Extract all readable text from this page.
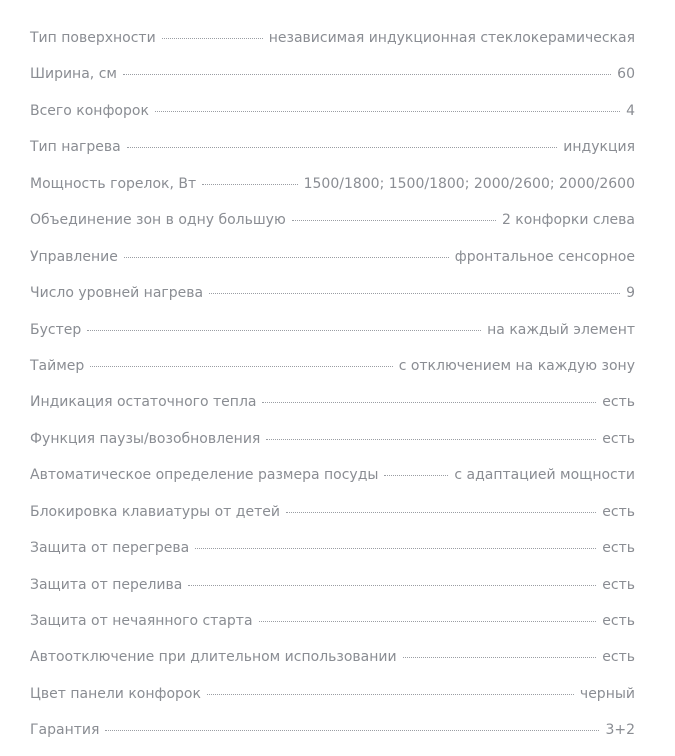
Тип поверхности	независимая индукционная стеклокерамическая
Ширина, см	60
Всего конфорок	4
Тип нагрева	индукция
Мощность горелок, Вт	1500/1800; 1500/1800; 2000/2600; 2000/2600
Объединение зон в одну большую	2 конфорки слева
Управление	фронтальное сенсорное
Число уровней нагрева	9
Бустер	на каждый элемент
Таймер	с отключением на каждую зону
Индикация остаточного тепла	есть
Функция паузы/возобновления	есть
Автоматическое определение размера посуды	с адаптацией мощности
Блокировка клавиатуры от детей	есть
Защита от перегрева	есть
Защита от перелива	есть
Защита от нечаянного старта	есть
Автоотключение при длительном использовании	есть
Цвет панели конфорок	черный
Гарантия	3+2
